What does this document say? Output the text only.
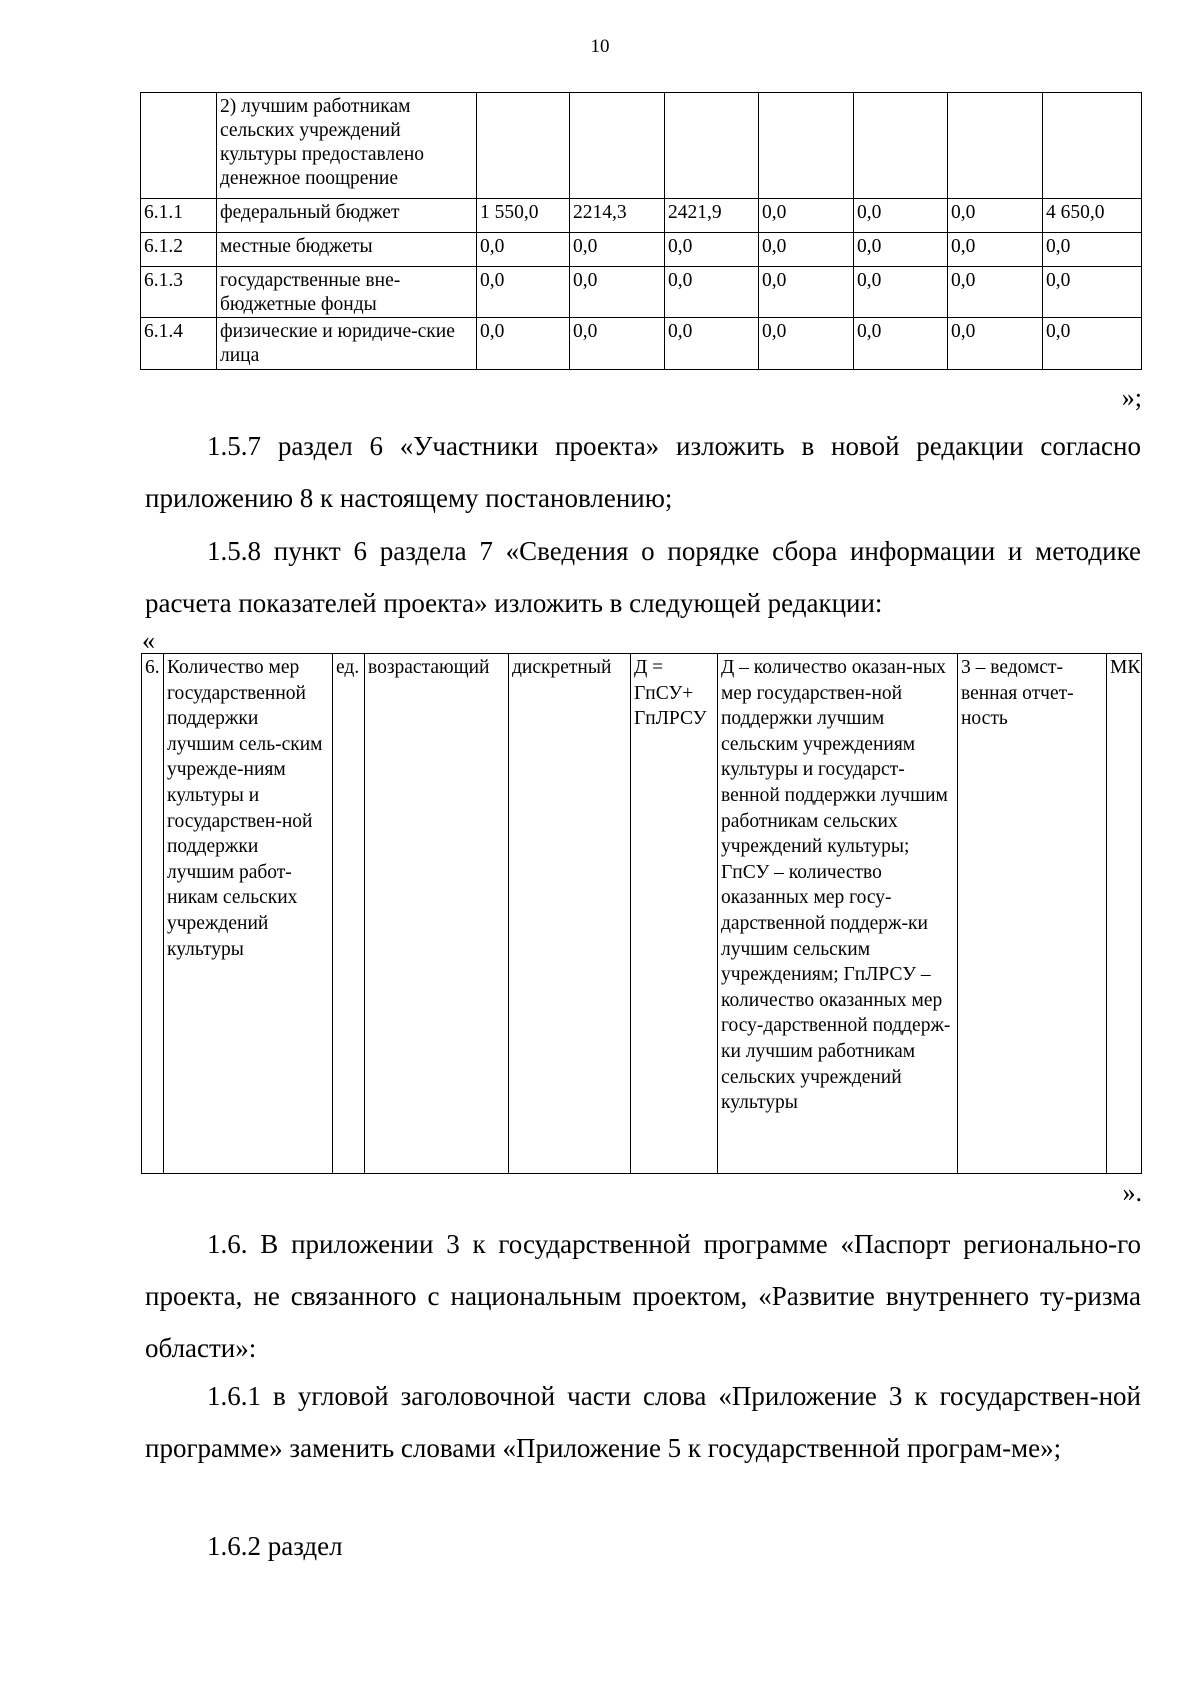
10
	2) лучшим работникам сельских учреждений культуры предоставлено денежное поощрение							
6.1.1	федеральный бюджет	1 550,0	2214,3	2421,9	0,0	0,0	0,0	4 650,0
6.1.2	местные бюджеты	0,0	0,0	0,0	0,0	0,0	0,0	0,0
6.1.3	государственные вне-бюджетные фонды	0,0	0,0	0,0	0,0	0,0	0,0	0,0
6.1.4	физические и юридиче-ские лица	0,0	0,0	0,0	0,0	0,0	0,0	0,0
»;
1.5.7 раздел 6 «Участники проекта» изложить в новой редакции согласно приложению 8 к настоящему постановлению;
1.5.8 пункт 6 раздела 7 «Сведения о порядке сбора информации и методике расчета показателей проекта» изложить в следующей редакции:
«
6.	Количество мер государственной поддержки лучшим сель-ским учрежде-ниям культуры и государствен-ной поддержки лучшим работ-никам сельских учреждений культуры	ед.	возрастающий	дискретный	Д = ГпСУ+ ГпЛРСУ	Д – количество оказан-ных мер государствен-ной поддержки лучшим сельским учреждениям культуры и государст-венной поддержки лучшим работникам сельских учреждений культуры; ГпСУ – количество оказанных мер госу-дарственной поддерж-ки лучшим сельским учреждениям; ГпЛРСУ – количество оказанных мер госу-дарственной поддерж-ки лучшим работникам сельских учреждений культуры	3 – ведомст-венная отчет-ность	МК
».
1.6. В приложении 3 к государственной программе «Паспорт регионально-го проекта, не связанного с национальным проектом, «Развитие внутреннего ту-ризма области»:
1.6.1 в угловой заголовочной части слова «Приложение 3 к государствен-ной программе» заменить словами «Приложение 5 к государственной програм-ме»;
1.6.2 раздел
